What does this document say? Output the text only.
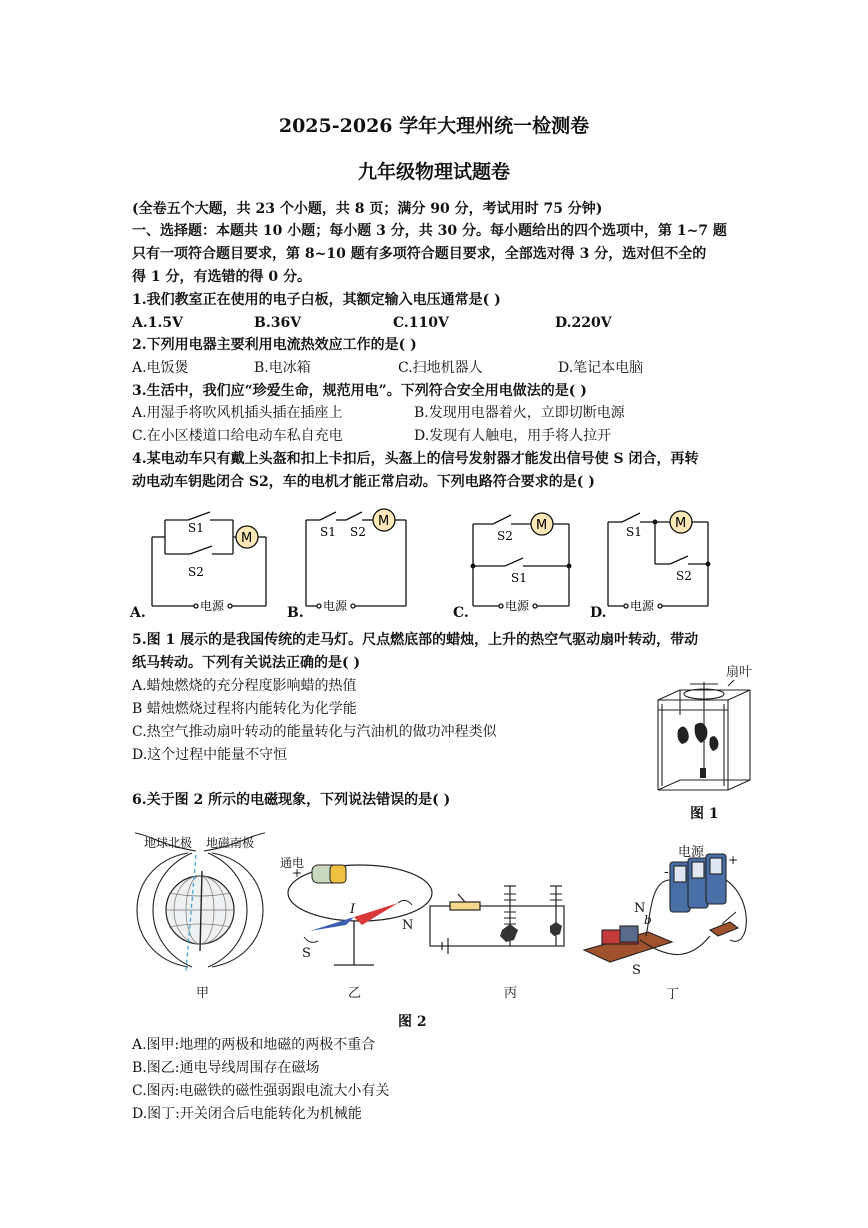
2025-2026 学年大理州统一检测卷
九年级物理试题卷
(全卷五个大题，共 23 个小题，共 8 页；满分 90 分，考试用时 75 分钟)
一、选择题：本题共 10 小题；每小题 3 分，共 30 分。每小题给出的四个选项中，第 1~7 题
只有一项符合题目要求，第 8~10 题有多项符合题目要求，全部选对得 3 分，选对但不全的
得 1 分，有选错的得 0 分。
1.我们教室正在使用的电子白板，其额定输入电压通常是( )
A.1.5V	B.36V	C.110V	D.220V
2.下列用电器主要利用电流热效应工作的是( )
A.电饭煲	B.电冰箱	C.扫地机器人	D.笔记本电脑
3.生活中，我们应“珍爱生命，规范用电”。下列符合安全用电做法的是( )
A.用湿手将吹风机插头插在插座上	B.发现用电器着火，立即切断电源
C.在小区楼道口给电动车私自充电	D.发现有人触电，用手将人拉开
4.某电动车只有戴上头盔和扣上卡扣后，头盔上的信号发射器才能发出信号使 S 闭合，再转
动电动车钥匙闭合 S2，车的电机才能正常启动。下列电路符合要求的是( )
M
S1
S2
电源
A.
M
S1 S2
电源
B.
M
S2
S1
电源
C.
M
S1
S2
电源
D.
5.图 1 展示的是我国传统的走马灯。尺点燃底部的蜡烛，上升的热空气驱动扇叶转动，带动
纸马转动。下列有关说法正确的是( )
A.蜡烛燃烧的充分程度影响蜡的热值
B 蜡烛燃烧过程将内能转化为化学能
C.热空气推动扇叶转动的能量转化与汽油机的做功冲程类似
D.这个过程中能量不守恒
扇叶
图 1
6.关于图 2 所示的电磁现象，下列说法错误的是( )
地球北极 地磁南极
甲
通电
+
I
N
S
乙	丙
电源
-
+
N
b
S
丁
图 2
A.图甲:地理的两极和地磁的两极不重合
B.图乙:通电导线周围存在磁场
C.图丙:电磁铁的磁性强弱跟电流大小有关
D.图丁:开关闭合后电能转化为机械能
